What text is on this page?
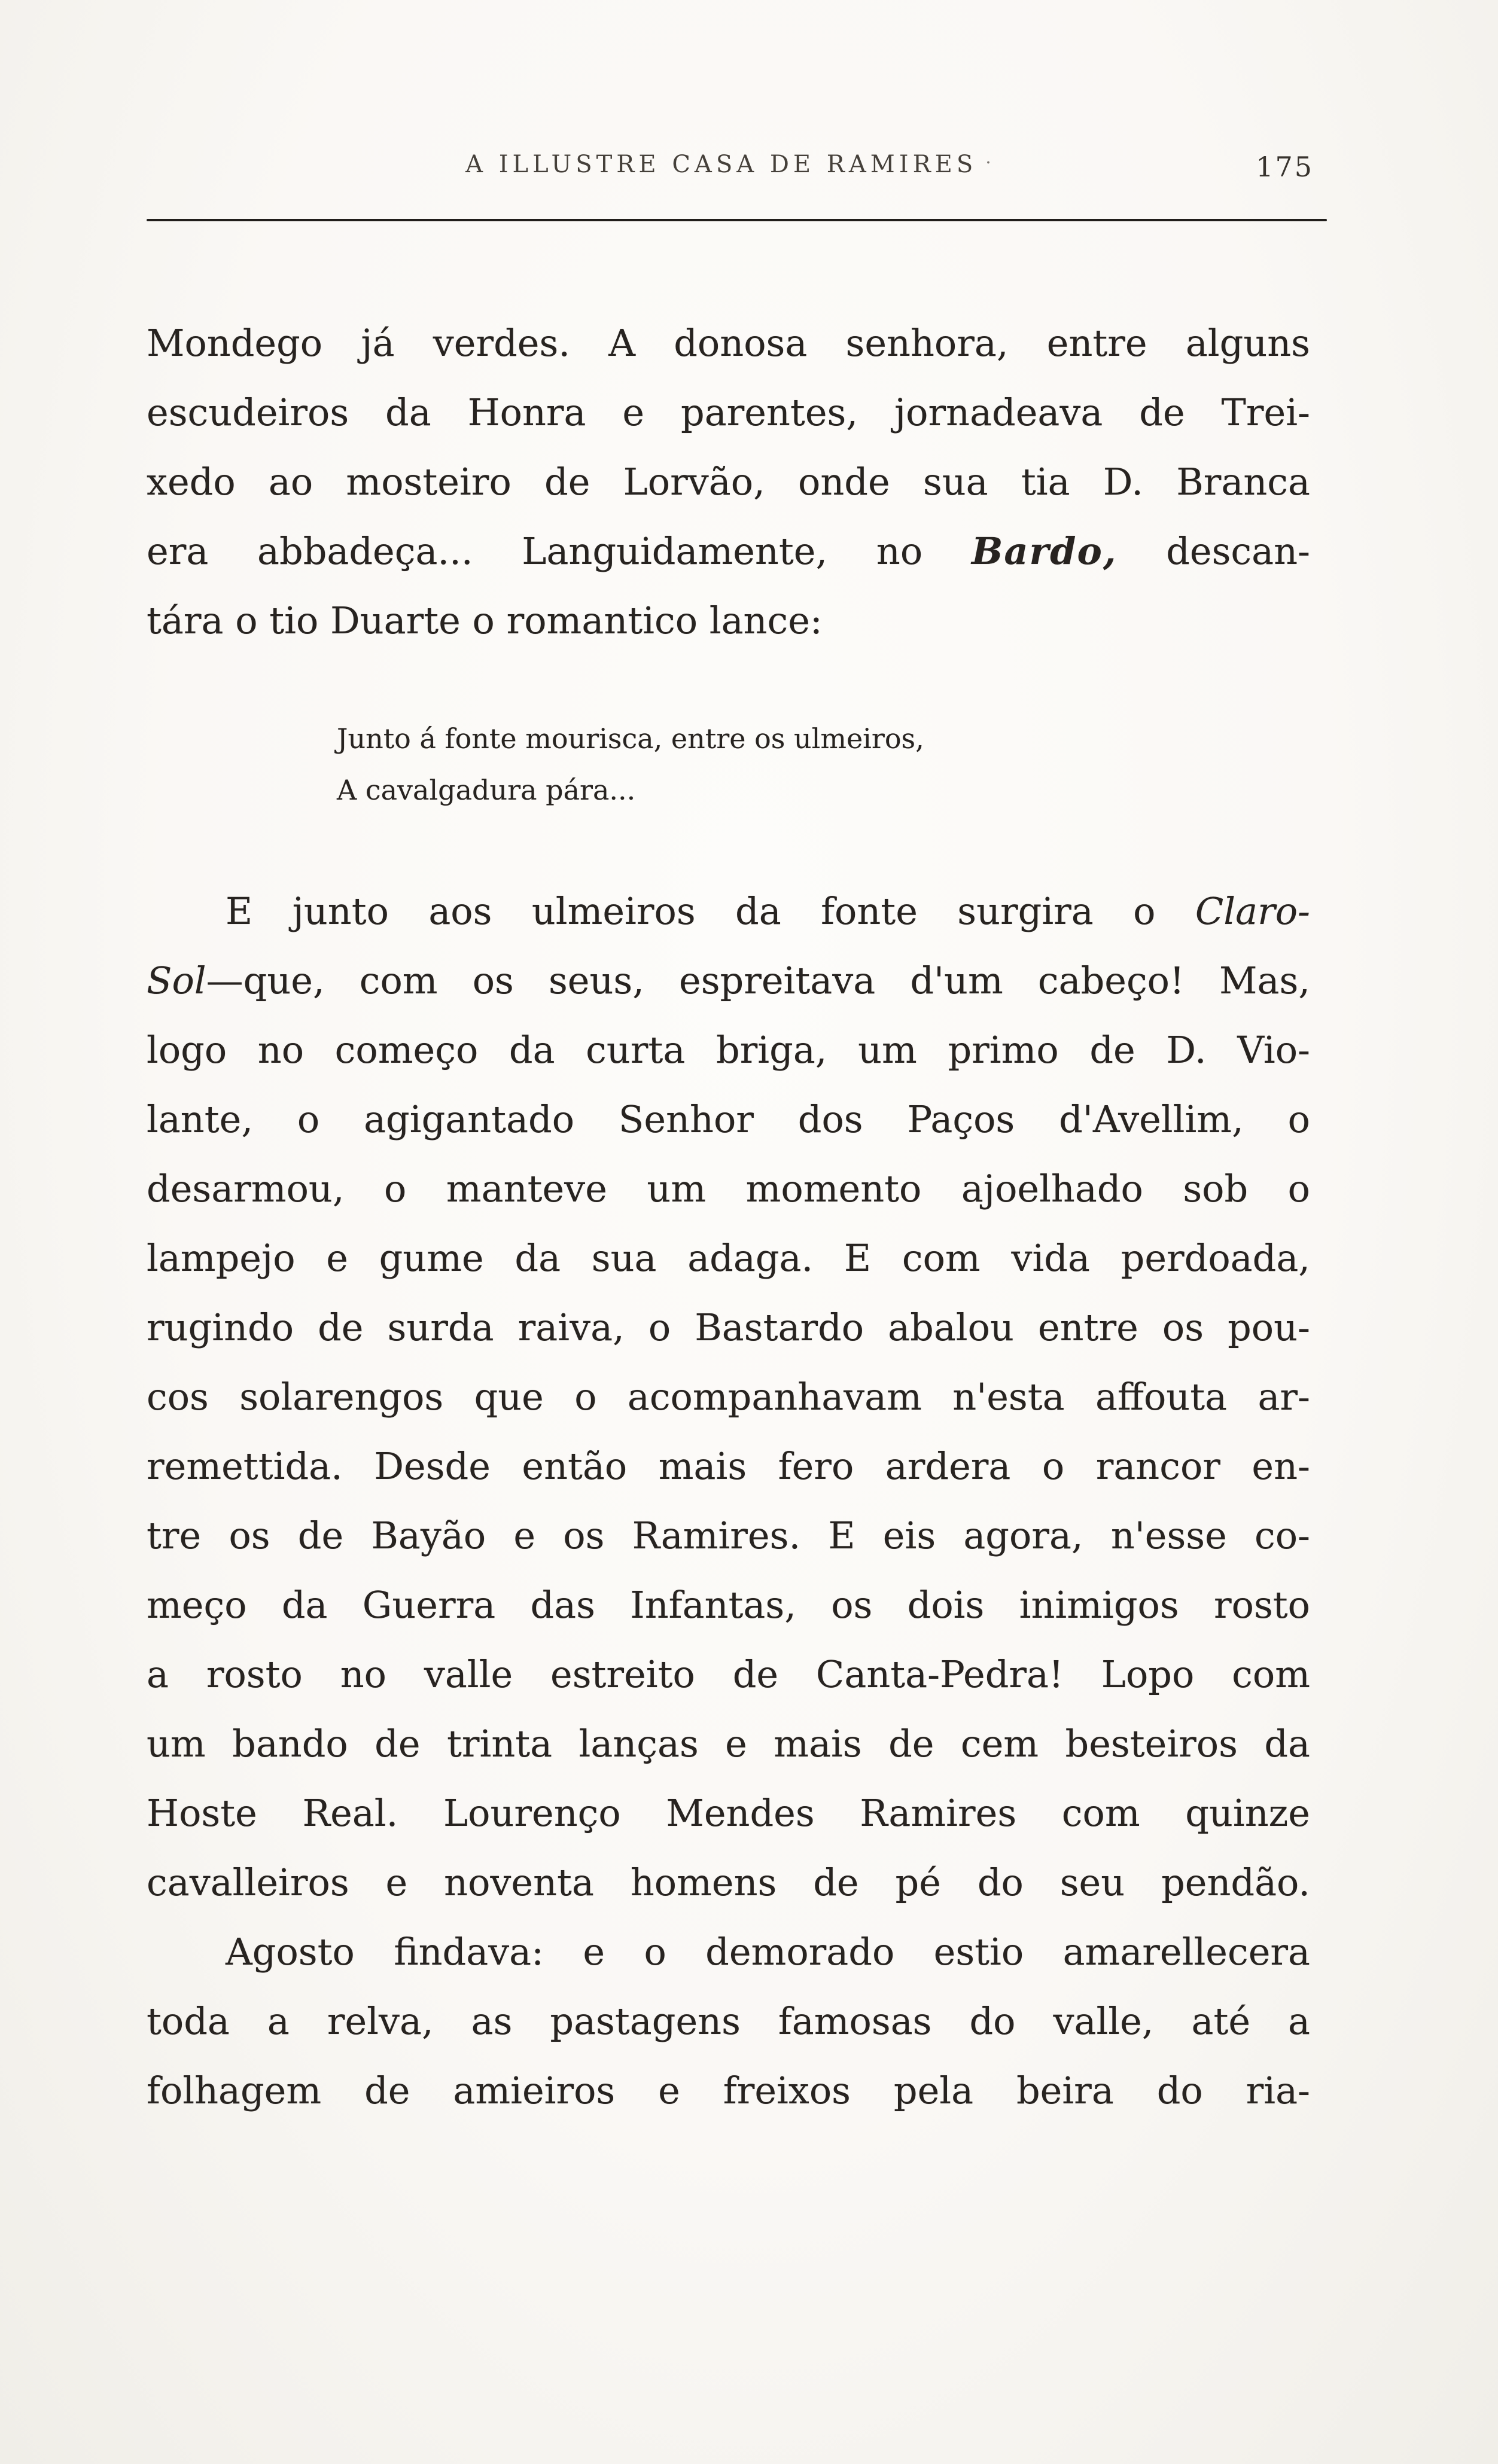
A ILLUSTRE CASA DE RAMIRES ·	175
Mondego já verdes. A donosa senhora, entre alguns
escudeiros da Honra e parentes, jornadeava de Trei-
xedo ao mosteiro de Lorvão, onde sua tia D. Branca
era abbadeça... Languidamente, no Bardo, descan-
tára o tio Duarte o romantico lance:
Junto á fonte mourisca, entre os ulmeiros,
A cavalgadura pára...
E junto aos ulmeiros da fonte surgira o Claro-
Sol—que, com os seus, espreitava d'um cabeço! Mas,
logo no começo da curta briga, um primo de D. Vio-
lante, o agigantado Senhor dos Paços d'Avellim, o
desarmou, o manteve um momento ajoelhado sob o
lampejo e gume da sua adaga. E com vida perdoada,
rugindo de surda raiva, o Bastardo abalou entre os pou-
cos solarengos que o acompanhavam n'esta affouta ar-
remettida. Desde então mais fero ardera o rancor en-
tre os de Bayão e os Ramires. E eis agora, n'esse co-
meço da Guerra das Infantas, os dois inimigos rosto
a rosto no valle estreito de Canta-Pedra! Lopo com
um bando de trinta lanças e mais de cem besteiros da
Hoste Real. Lourenço Mendes Ramires com quinze
cavalleiros e noventa homens de pé do seu pendão.
Agosto findava: e o demorado estio amarellecera
toda a relva, as pastagens famosas do valle, até a
folhagem de amieiros e freixos pela beira do ria-
